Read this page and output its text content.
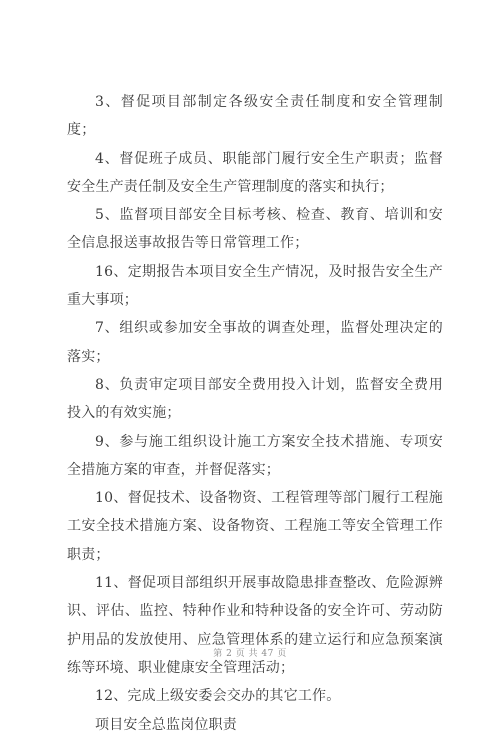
3、督促项目部制定各级安全责任制度和安全管理制度；

4、督促班子成员、职能部门履行安全生产职责；监督安全生产责任制及安全生产管理制度的落实和执行；

5、监督项目部安全目标考核、检查、教育、培训和安全信息报送事故报告等日常管理工作；

16、定期报告本项目安全生产情况，及时报告安全生产重大事项；

7、组织或参加安全事故的调查处理，监督处理决定的落实；

8、负责审定项目部安全费用投入计划，监督安全费用投入的有效实施；

9、参与施工组织设计施工方案安全技术措施、专项安全措施方案的审查，并督促落实；

10、督促技术、设备物资、工程管理等部门履行工程施工安全技术措施方案、设备物资、工程施工等安全管理工作职责；

11、督促项目部组织开展事故隐患排查整改、危险源辨识、评估、监控、特种作业和特种设备的安全许可、劳动防护用品的发放使用、应急管理体系的建立运行和应急预案演练等环境、职业健康安全管理活动；

12、完成上级安委会交办的其它工作。

项目安全总监岗位职责

第 2 页 共 47 页
